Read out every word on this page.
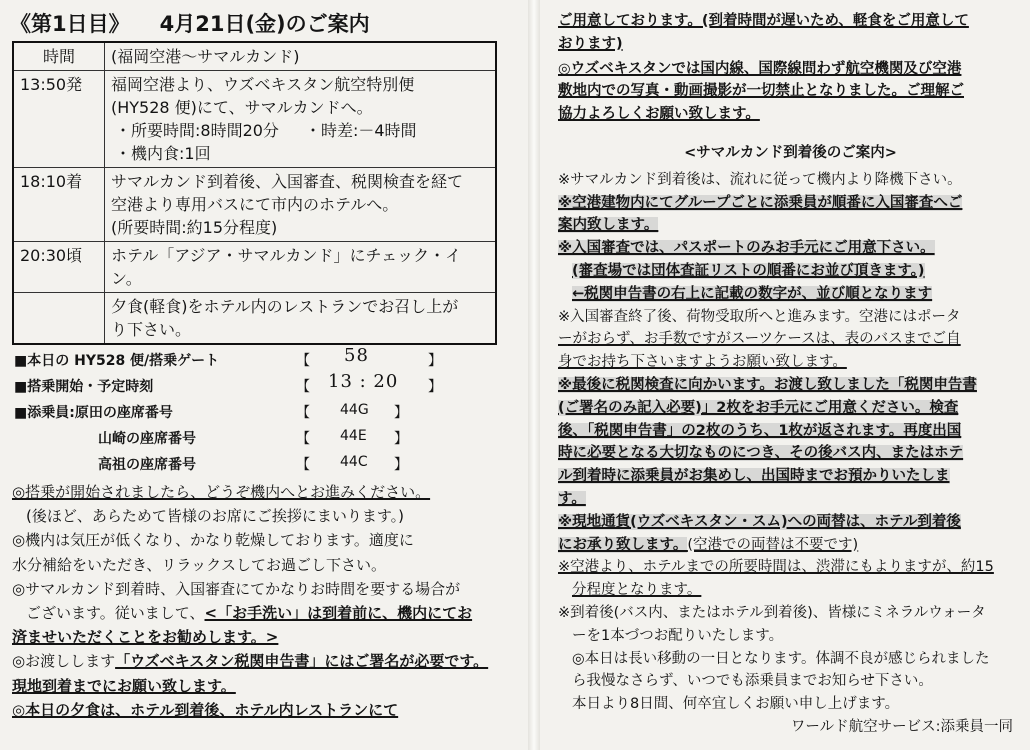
《第1日目》 4月21日(金)のご案内
時間	(福岡空港～サマルカンド)
13:50発	福岡空港より、ウズベキスタン航空特別便
(HY528 便)にて、サマルカンドへ。
・所要時間:8時間20分 ・時差:－4時間
・機内食:1回

18:10着	サマルカンド到着後、入国審査、税関検査を経て
空港より専用バスにて市内のホテルへ。
(所要時間:約15分程度)

20:30頃	ホテル「アジア・サマルカンド」にチェック・イン。

	夕食(軽食)をホテル内のレストランでお召し上が
り下さい。
■本日の HY528 便/搭乗ゲート	【 58	】
■搭乗開始・予定時刻	【 13 : 20 】
■添乗員:原田の座席番号	【 44G 】
山崎の座席番号	【 44E 】
高祖の座席番号	【 44C 】

◎搭乗が開始されましたら、どうぞ機内へとお進みください。

(後ほど、あらためて皆様のお席にご挨拶にまいります。)

◎機内は気圧が低くなり、かなり乾燥しております。適度に

水分補給をいただき、リラックスしてお過ごし下さい。

◎サマルカンド到着時、入国審査にてかなりお時間を要する場合が

ございます。従いまして、<「お手洗い」は到着前に、機内にてお

済ませいただくことをお勧めします。>

◎お渡しします「ウズベキスタン税関申告書」にはご署名が必要です。

現地到着までにお願い致します。

◎本日の夕食は、ホテル到着後、ホテル内レストランにて

ご用意しております。(到着時間が遅いため、軽食をご用意して

おります)

◎ウズベキスタンでは国内線、国際線問わず航空機関及び空港

敷地内での写真・動画撮影が一切禁止となりました。ご理解ご

協力よろしくお願い致します。

<サマルカンド到着後のご案内>

※サマルカンド到着後は、流れに従って機内より降機下さい。

※空港建物内にてグループごとに添乗員が順番に入国審査へご

案内致します。

※入国審査では、パスポートのみお手元にご用意下さい。

(審査場では団体査証リストの順番にお並び頂きます。)

←税関申告書の右上に記載の数字が、並び順となります

※入国審査終了後、荷物受取所へと進みます。空港にはポータ

ーがおらず、お手数ですがスーツケースは、表のバスまでご自

身でお持ち下さいますようお願い致します。

※最後に税関検査に向かいます。お渡し致しました「税関申告書

(ご署名のみ記入必要)」2枚をお手元にご用意ください。検査

後、「税関申告書」の2枚のうち、1枚が返されます。再度出国

時に必要となる大切なものにつき、その後バス内、またはホテ

ル到着時に添乗員がお集めし、出国時までお預かりいたしま

す。

※現地通貨(ウズベキスタン・スム)への両替は、ホテル到着後

にお承り致します。(空港での両替は不要です)

※空港より、ホテルまでの所要時間は、渋滞にもよりますが、約15

分程度となります。

※到着後(バス内、またはホテル到着後)、皆様にミネラルウォータ

ーを1本づつお配りいたします。

◎本日は長い移動の一日となります。体調不良が感じられました

ら我慢なさらず、いつでも添乗員までお知らせ下さい。

本日より8日間、何卒宜しくお願い申し上げます。

ワールド航空サービス:添乗員一同
